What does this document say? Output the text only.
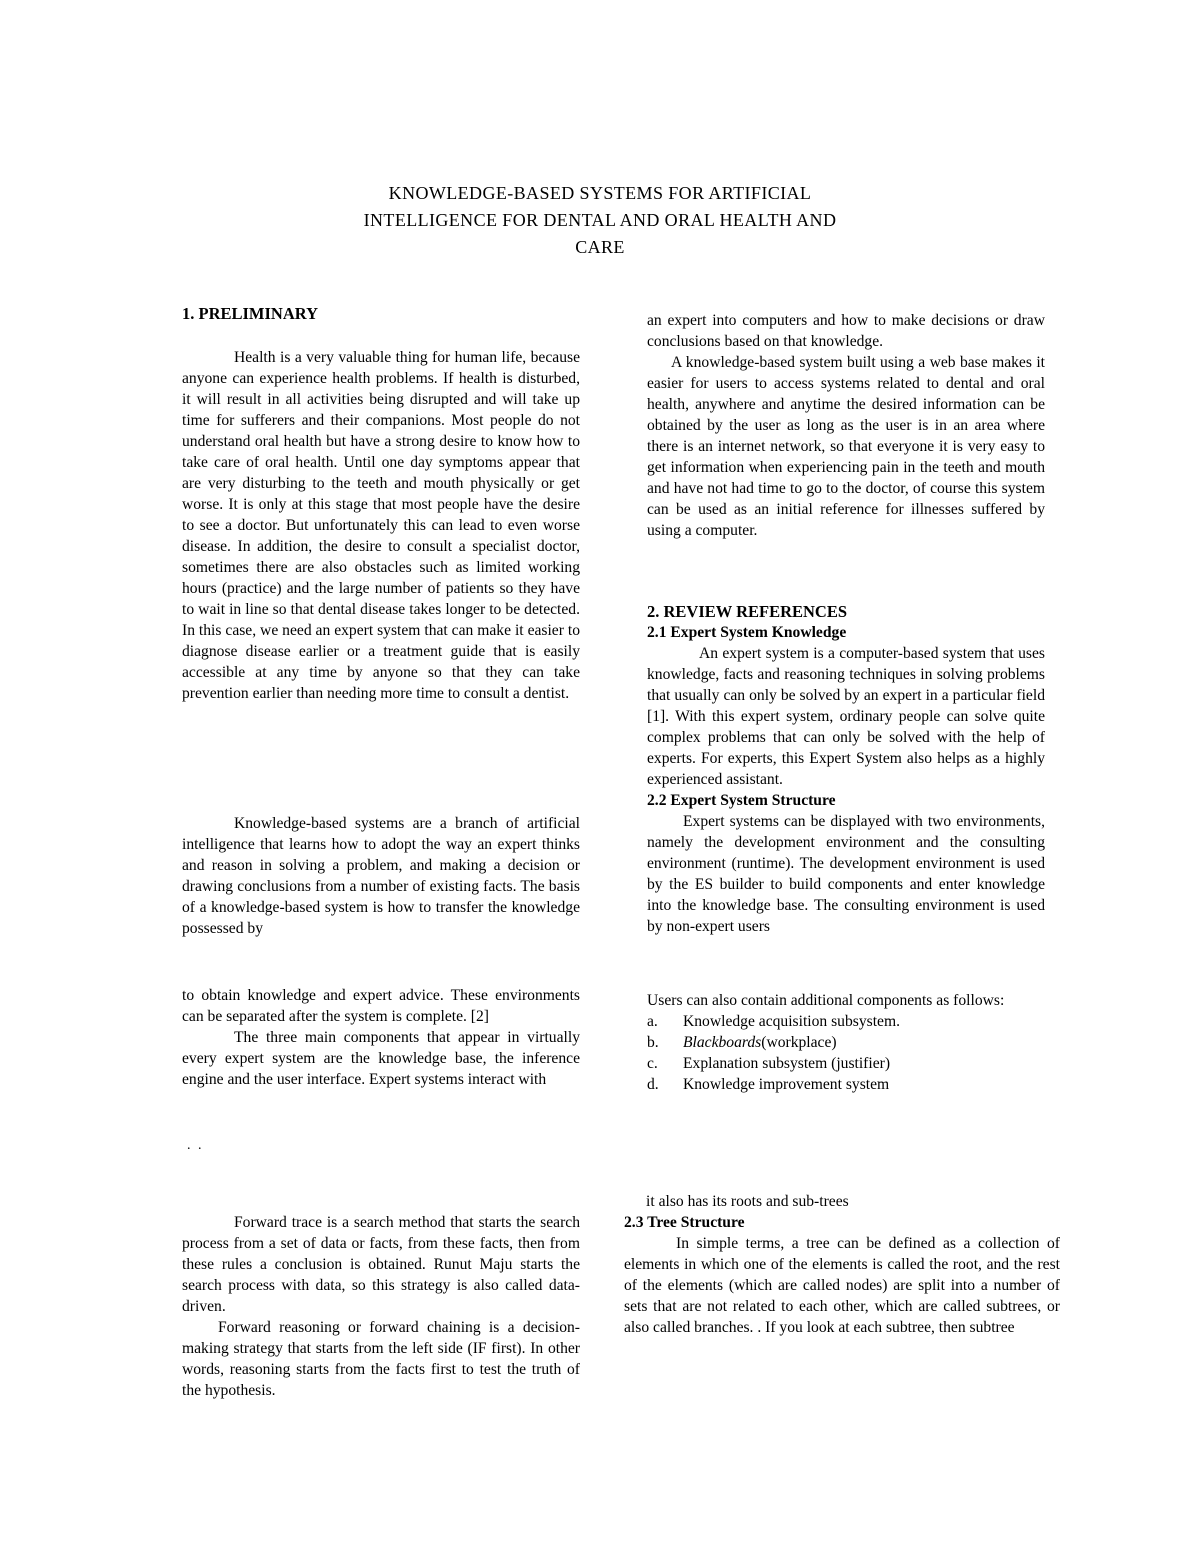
KNOWLEDGE-BASED SYSTEMS FOR ARTIFICIAL
INTELLIGENCE FOR DENTAL AND ORAL HEALTH AND
CARE

1. PRELIMINARY

Health is a very valuable thing for human life, because anyone can experience health problems. If health is disturbed, it will result in all activities being disrupted and will take up time for sufferers and their companions. Most people do not understand oral health but have a strong desire to know how to take care of oral health. Until one day symptoms appear that are very disturbing to the teeth and mouth physically or get worse. It is only at this stage that most people have the desire to see a doctor. But unfortunately this can lead to even worse disease. In addition, the desire to consult a specialist doctor, sometimes there are also obstacles such as limited working hours (practice) and the large number of patients so they have to wait in line so that dental disease takes longer to be detected. In this case, we need an expert system that can make it easier to diagnose disease earlier or a treatment guide that is easily accessible at any time by anyone so that they can take prevention earlier than needing more time to consult a dentist.

Knowledge-based systems are a branch of artificial intelligence that learns how to adopt the way an expert thinks and reason in solving a problem, and making a decision or drawing conclusions from a number of existing facts. The basis of a knowledge-based system is how to transfer the knowledge possessed by

to obtain knowledge and expert advice. These environments can be separated after the system is complete. [2]

The three main components that appear in virtually every expert system are the knowledge base, the inference engine and the user interface. Expert systems interact with

. .

an expert into computers and how to make decisions or draw conclusions based on that knowledge.

A knowledge-based system built using a web base makes it easier for users to access systems related to dental and oral health, anywhere and anytime the desired information can be obtained by the user as long as the user is in an area where there is an internet network, so that everyone it is very easy to get information when experiencing pain in the teeth and mouth and have not had time to go to the doctor, of course this system can be used as an initial reference for illnesses suffered by using a computer.

2. REVIEW REFERENCES

2.1 Expert System Knowledge

An expert system is a computer-based system that uses knowledge, facts and reasoning techniques in solving problems that usually can only be solved by an expert in a particular field [1]. With this expert system, ordinary people can solve quite complex problems that can only be solved with the help of experts. For experts, this Expert System also helps as a highly experienced assistant.

2.2 Expert System Structure

Expert systems can be displayed with two environments, namely the development environment and the consulting environment (runtime). The development environment is used by the ES builder to build components and enter knowledge into the knowledge base. The consulting environment is used by non-expert users

Users can also contain additional components as follows:

a.	Knowledge acquisition subsystem.
b.	Blackboards(workplace)
c.	Explanation subsystem (justifier)
d.	Knowledge improvement system

Forward trace is a search method that starts the search process from a set of data or facts, from these facts, then from these rules a conclusion is obtained. Runut Maju starts the search process with data, so this strategy is also called data-driven.

Forward reasoning or forward chaining is a decision-making strategy that starts from the left side (IF first). In other words, reasoning starts from the facts first to test the truth of the hypothesis.

it also has its roots and sub-trees

2.3 Tree Structure

In simple terms, a tree can be defined as a collection of elements in which one of the elements is called the root, and the rest of the elements (which are called nodes) are split into a number of sets that are not related to each other, which are called subtrees, or also called branches. . If you look at each subtree, then subtree
